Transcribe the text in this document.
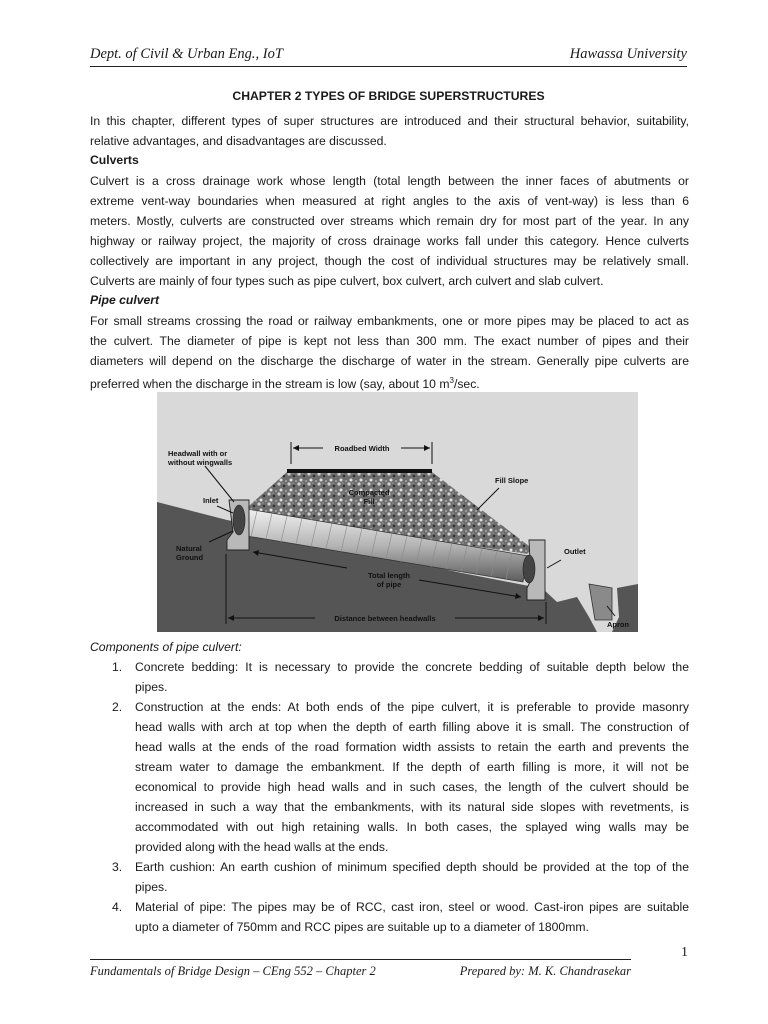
Dept. of Civil & Urban Eng., IoT	Hawassa University
CHAPTER 2 TYPES OF BRIDGE SUPERSTRUCTURES
In this chapter, different types of super structures are introduced and their structural behavior, suitability,
relative advantages, and disadvantages are discussed.
Culverts
Culvert is a cross drainage work whose length (total length between the inner faces of abutments or
extreme vent-way boundaries when measured at right angles to the axis of vent-way) is less than 6
meters. Mostly, culverts are constructed over streams which remain dry for most part of the year. In any
highway or railway project, the majority of cross drainage works fall under this category. Hence culverts
collectively are important in any project, though the cost of individual structures may be relatively small.
Culverts are mainly of four types such as pipe culvert, box culvert, arch culvert and slab culvert.
Pipe culvert
For small streams crossing the road or railway embankments, one or more pipes may be placed to act as
the culvert. The diameter of pipe is kept not less than 300 mm. The exact number of pipes and their
diameters will depend on the discharge the discharge of water in the stream. Generally pipe culverts are
preferred when the discharge in the stream is low (say, about 10 $m^3/\sec$.
Headwall with or
without wingwalls
Roadbed Width
Fill Slope
Compacted
Fill
Inlet
Natural
Ground
Outlet
Total length
of pipe
Distance between headwalls
Apron
Components of pipe culvert:
1. Concrete bedding: It is necessary to provide the concrete bedding of suitable depth below the
pipes.
2. Construction at the ends: At both ends of the pipe culvert, it is preferable to provide masonry
head walls with arch at top when the depth of earth filling above it is small. The construction of
head walls at the ends of the road formation width assists to retain the earth and prevents the
stream water to damage the embankment. If the depth of earth filling is more, it will not be
economical to provide high head walls and in such cases, the length of the culvert should be
increased in such a way that the embankments, with its natural side slopes with revetments, is
accommodated with out high retaining walls. In both cases, the splayed wing walls may be
provided along with the head walls at the ends.
3. Earth cushion: An earth cushion of minimum specified depth should be provided at the top of the
pipes.
4. Material of pipe: The pipes may be of RCC, cast iron, steel or wood. Cast-iron pipes are suitable
upto a diameter of 750mm and RCC pipes are suitable up to a diameter of 1800mm.
1
Fundamentals of Bridge Design – CEng 552 – Chapter 2	Prepared by: M. K. Chandrasekar
